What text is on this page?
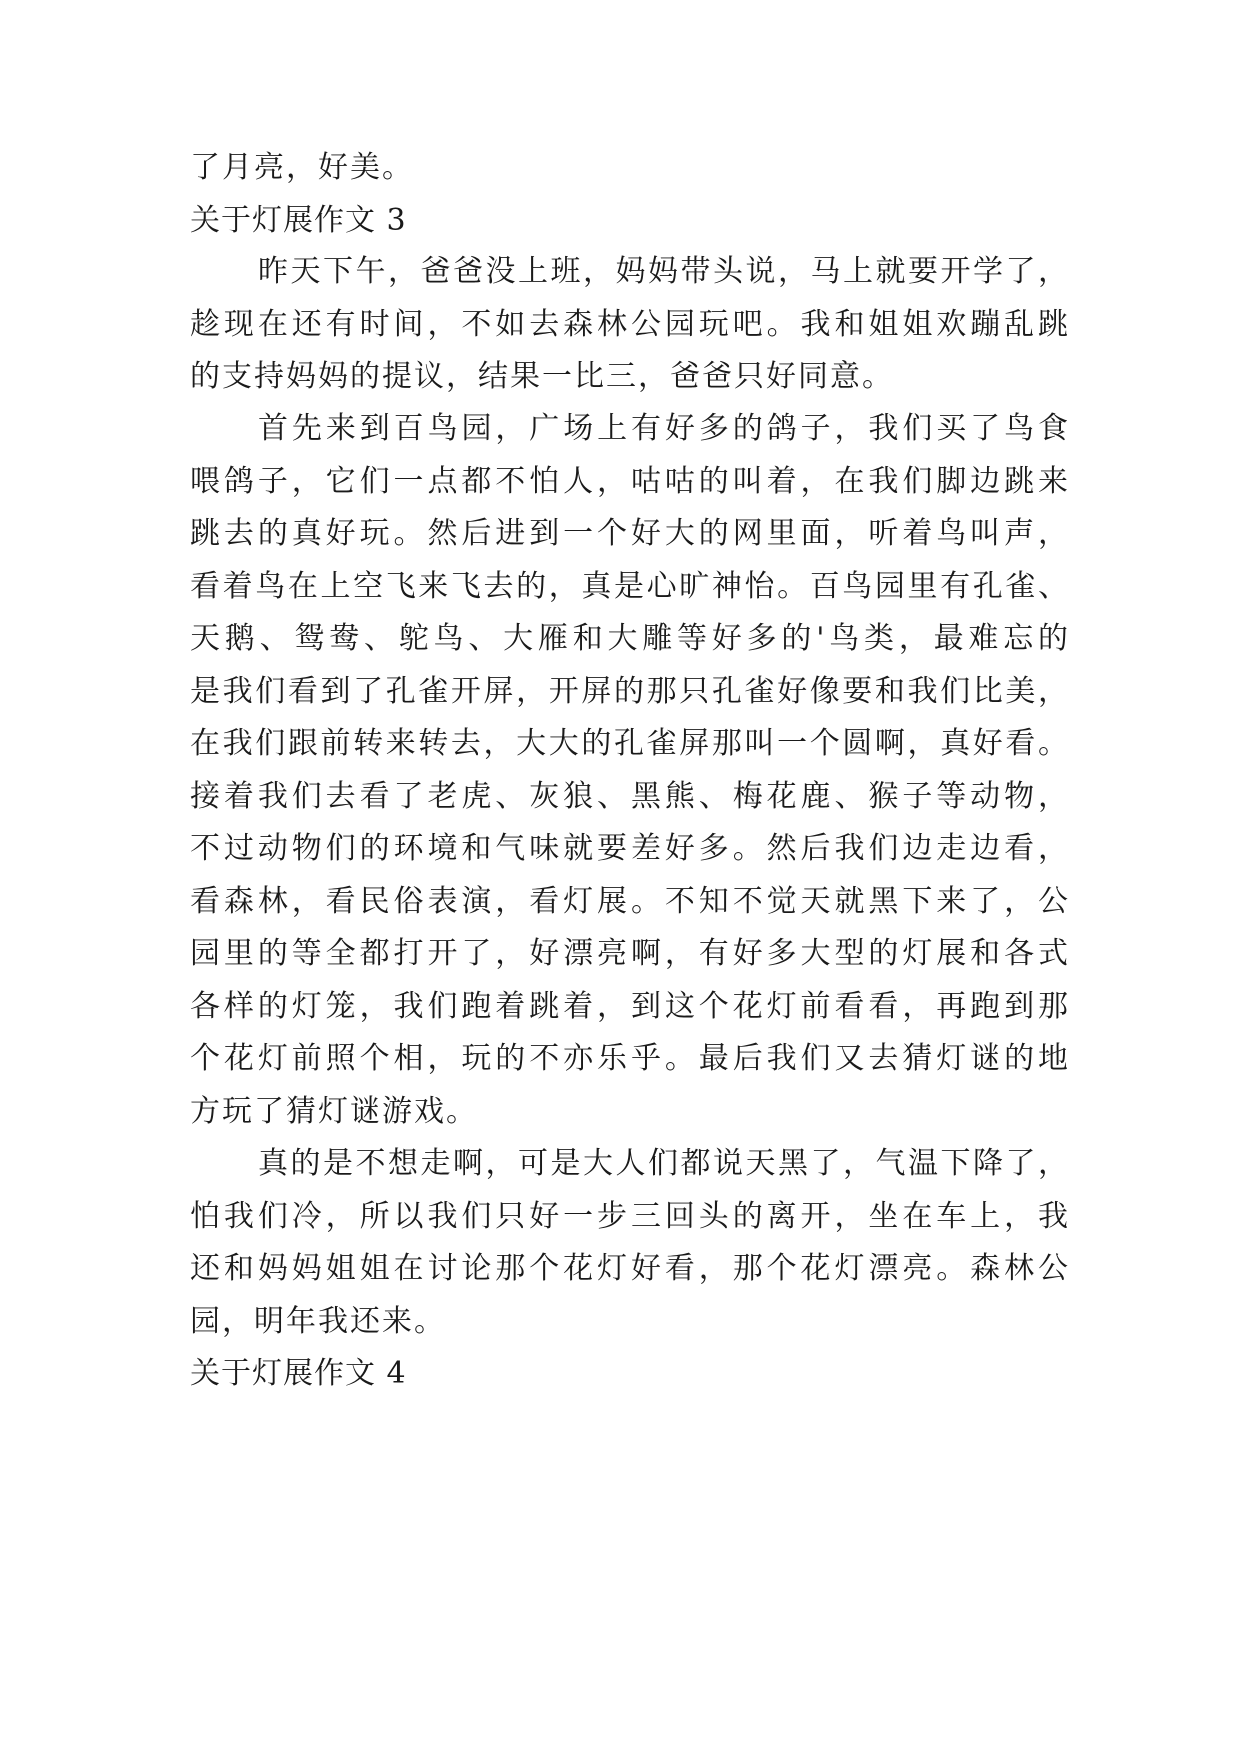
了月亮，好美。
关于灯展作文 3
昨天下午，爸爸没上班，妈妈带头说，马上就要开学了，
趁现在还有时间，不如去森林公园玩吧。我和姐姐欢蹦乱跳
的支持妈妈的提议，结果一比三，爸爸只好同意。
首先来到百鸟园，广场上有好多的鸽子，我们买了鸟食
喂鸽子，它们一点都不怕人，咕咕的叫着，在我们脚边跳来
跳去的真好玩。然后进到一个好大的网里面，听着鸟叫声，
看着鸟在上空飞来飞去的，真是心旷神怡。百鸟园里有孔雀、
天鹅、鸳鸯、鸵鸟、大雁和大雕等好多的'鸟类，最难忘的
是我们看到了孔雀开屏，开屏的那只孔雀好像要和我们比美，
在我们跟前转来转去，大大的孔雀屏那叫一个圆啊，真好看。
接着我们去看了老虎、灰狼、黑熊、梅花鹿、猴子等动物，
不过动物们的环境和气味就要差好多。然后我们边走边看，
看森林，看民俗表演，看灯展。不知不觉天就黑下来了，公
园里的等全都打开了，好漂亮啊，有好多大型的灯展和各式
各样的灯笼，我们跑着跳着，到这个花灯前看看，再跑到那
个花灯前照个相，玩的不亦乐乎。最后我们又去猜灯谜的地
方玩了猜灯谜游戏。
真的是不想走啊，可是大人们都说天黑了，气温下降了，
怕我们冷，所以我们只好一步三回头的离开，坐在车上，我
还和妈妈姐姐在讨论那个花灯好看，那个花灯漂亮。森林公
园，明年我还来。
关于灯展作文 4
